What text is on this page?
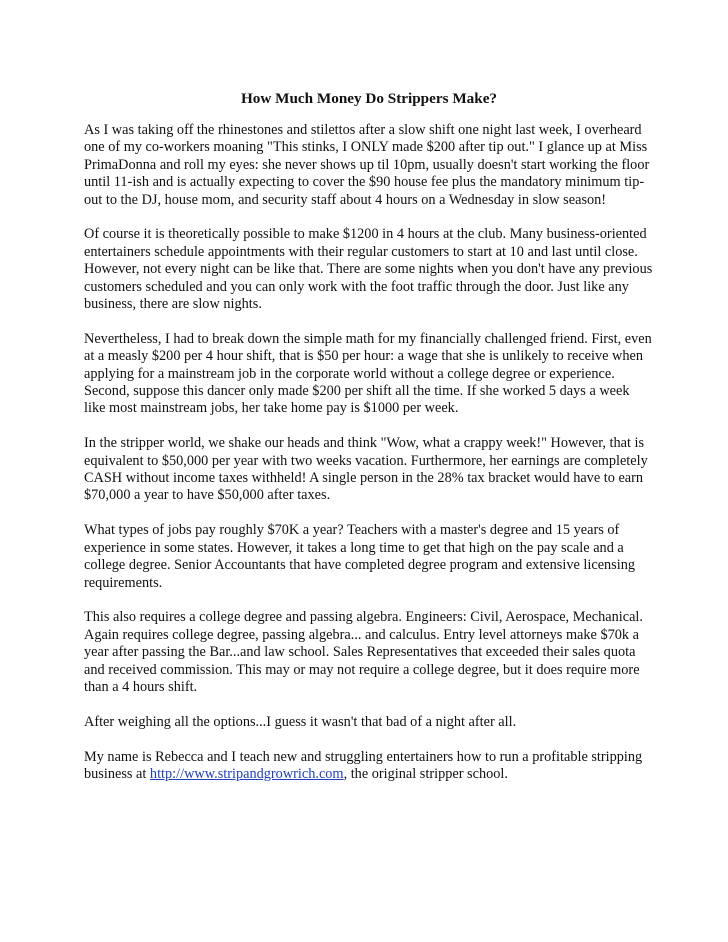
How Much Money Do Strippers Make?

As I was taking off the rhinestones and stilettos after a slow shift one night last week, I overheard one of my co-workers moaning "This stinks, I ONLY made $200 after tip out." I glance up at Miss PrimaDonna and roll my eyes: she never shows up til 10pm, usually doesn't start working the floor until 11-ish and is actually expecting to cover the $90 house fee plus the mandatory minimum tip-out to the DJ, house mom, and security staff about 4 hours on a Wednesday in slow season!

Of course it is theoretically possible to make $1200 in 4 hours at the club. Many business-oriented entertainers schedule appointments with their regular customers to start at 10 and last until close. However, not every night can be like that. There are some nights when you don't have any previous customers scheduled and you can only work with the foot traffic through the door. Just like any business, there are slow nights.

Nevertheless, I had to break down the simple math for my financially challenged friend. First, even at a measly $200 per 4 hour shift, that is $50 per hour: a wage that she is unlikely to receive when applying for a mainstream job in the corporate world without a college degree or experience. Second, suppose this dancer only made $200 per shift all the time. If she worked 5 days a week like most mainstream jobs, her take home pay is $1000 per week.

In the stripper world, we shake our heads and think "Wow, what a crappy week!" However, that is equivalent to $50,000 per year with two weeks vacation. Furthermore, her earnings are completely CASH without income taxes withheld! A single person in the 28% tax bracket would have to earn $70,000 a year to have $50,000 after taxes.

What types of jobs pay roughly $70K a year? Teachers with a master's degree and 15 years of experience in some states. However, it takes a long time to get that high on the pay scale and a college degree. Senior Accountants that have completed degree program and extensive licensing requirements.

This also requires a college degree and passing algebra. Engineers: Civil, Aerospace, Mechanical. Again requires college degree, passing algebra... and calculus. Entry level attorneys make $70k a year after passing the Bar...and law school. Sales Representatives that exceeded their sales quota and received commission. This may or may not require a college degree, but it does require more than a 4 hours shift.

After weighing all the options...I guess it wasn't that bad of a night after all.

My name is Rebecca and I teach new and struggling entertainers how to run a profitable stripping business at http://www.stripandgrowrich.com, the original stripper school.
